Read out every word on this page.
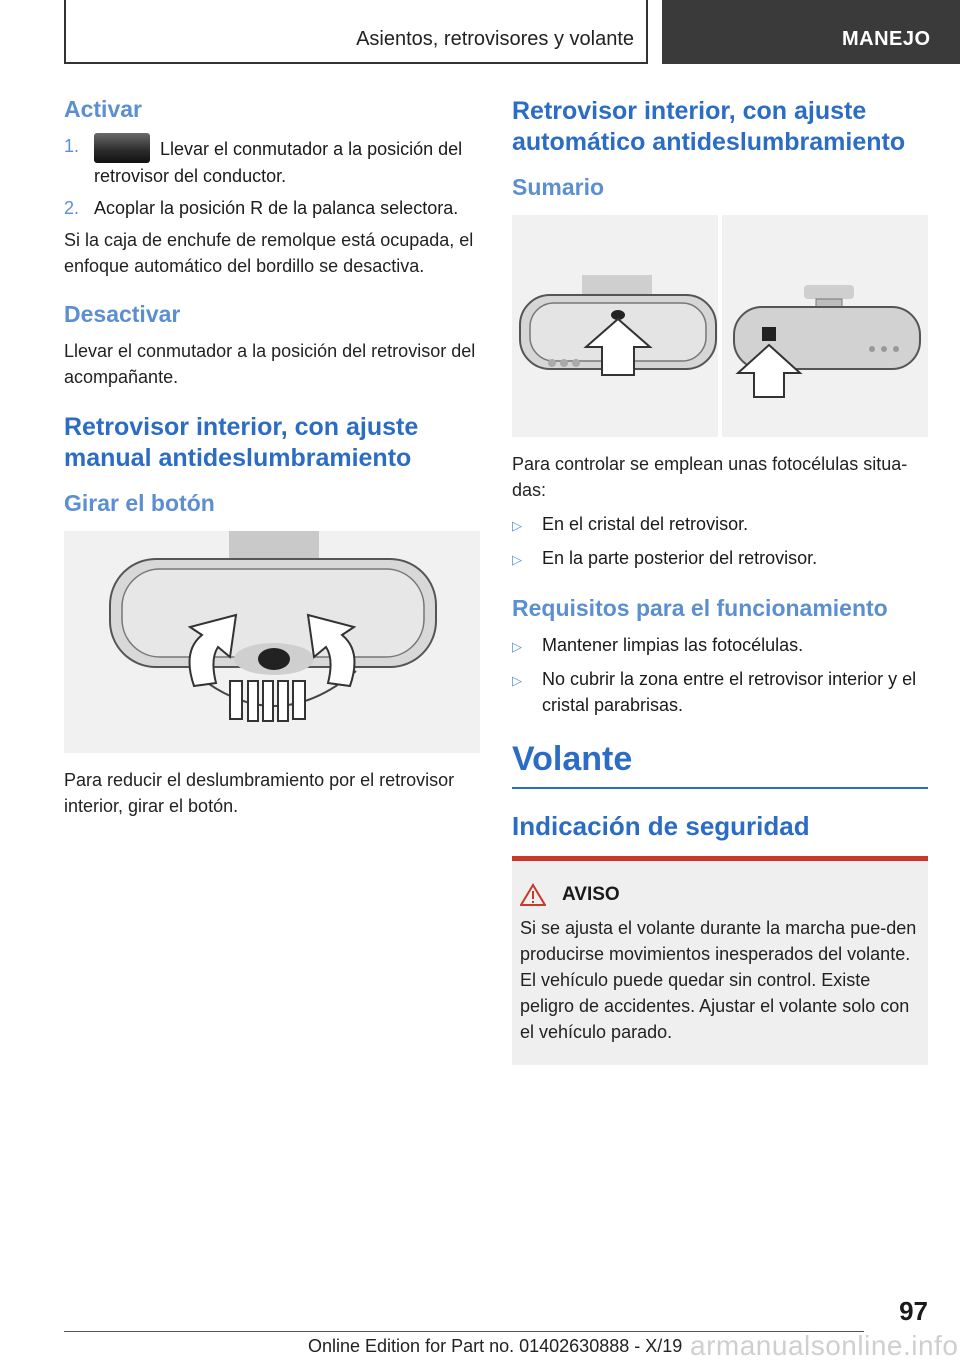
Asientos, retrovisores y volante	MANEJO
Activar
1.	Llevar el conmutador a la posición del retrovisor del conductor.
2. Acoplar la posición R de la palanca selectora.

Si la caja de enchufe de remolque está ocupada, el enfoque automático del bordillo se desactiva.

Desactivar

Llevar el conmutador a la posición del retrovisor del acompañante.

Retrovisor interior, con ajuste manual antideslumbramiento
Girar el botón

Para reducir el deslumbramiento por el retrovisor interior, girar el botón.

Retrovisor interior, con ajuste automático antideslumbramiento
Sumario

Para controlar se emplean unas fotocélulas situa‐das:

▷	En el cristal del retrovisor.
▷	En la parte posterior del retrovisor.
Requisitos para el funcionamiento
▷	Mantener limpias las fotocélulas.
▷	No cubrir la zona entre el retrovisor interior y el cristal parabrisas.
Volante
Indicación de seguridad
AVISO

Si se ajusta el volante durante la marcha pue‐den producirse movimientos inesperados del volante. El vehículo puede quedar sin control. Existe peligro de accidentes. Ajustar el volante solo con el vehículo parado.

97
Online Edition for Part no. 01402630888 - X/19 armanualsonline.info
